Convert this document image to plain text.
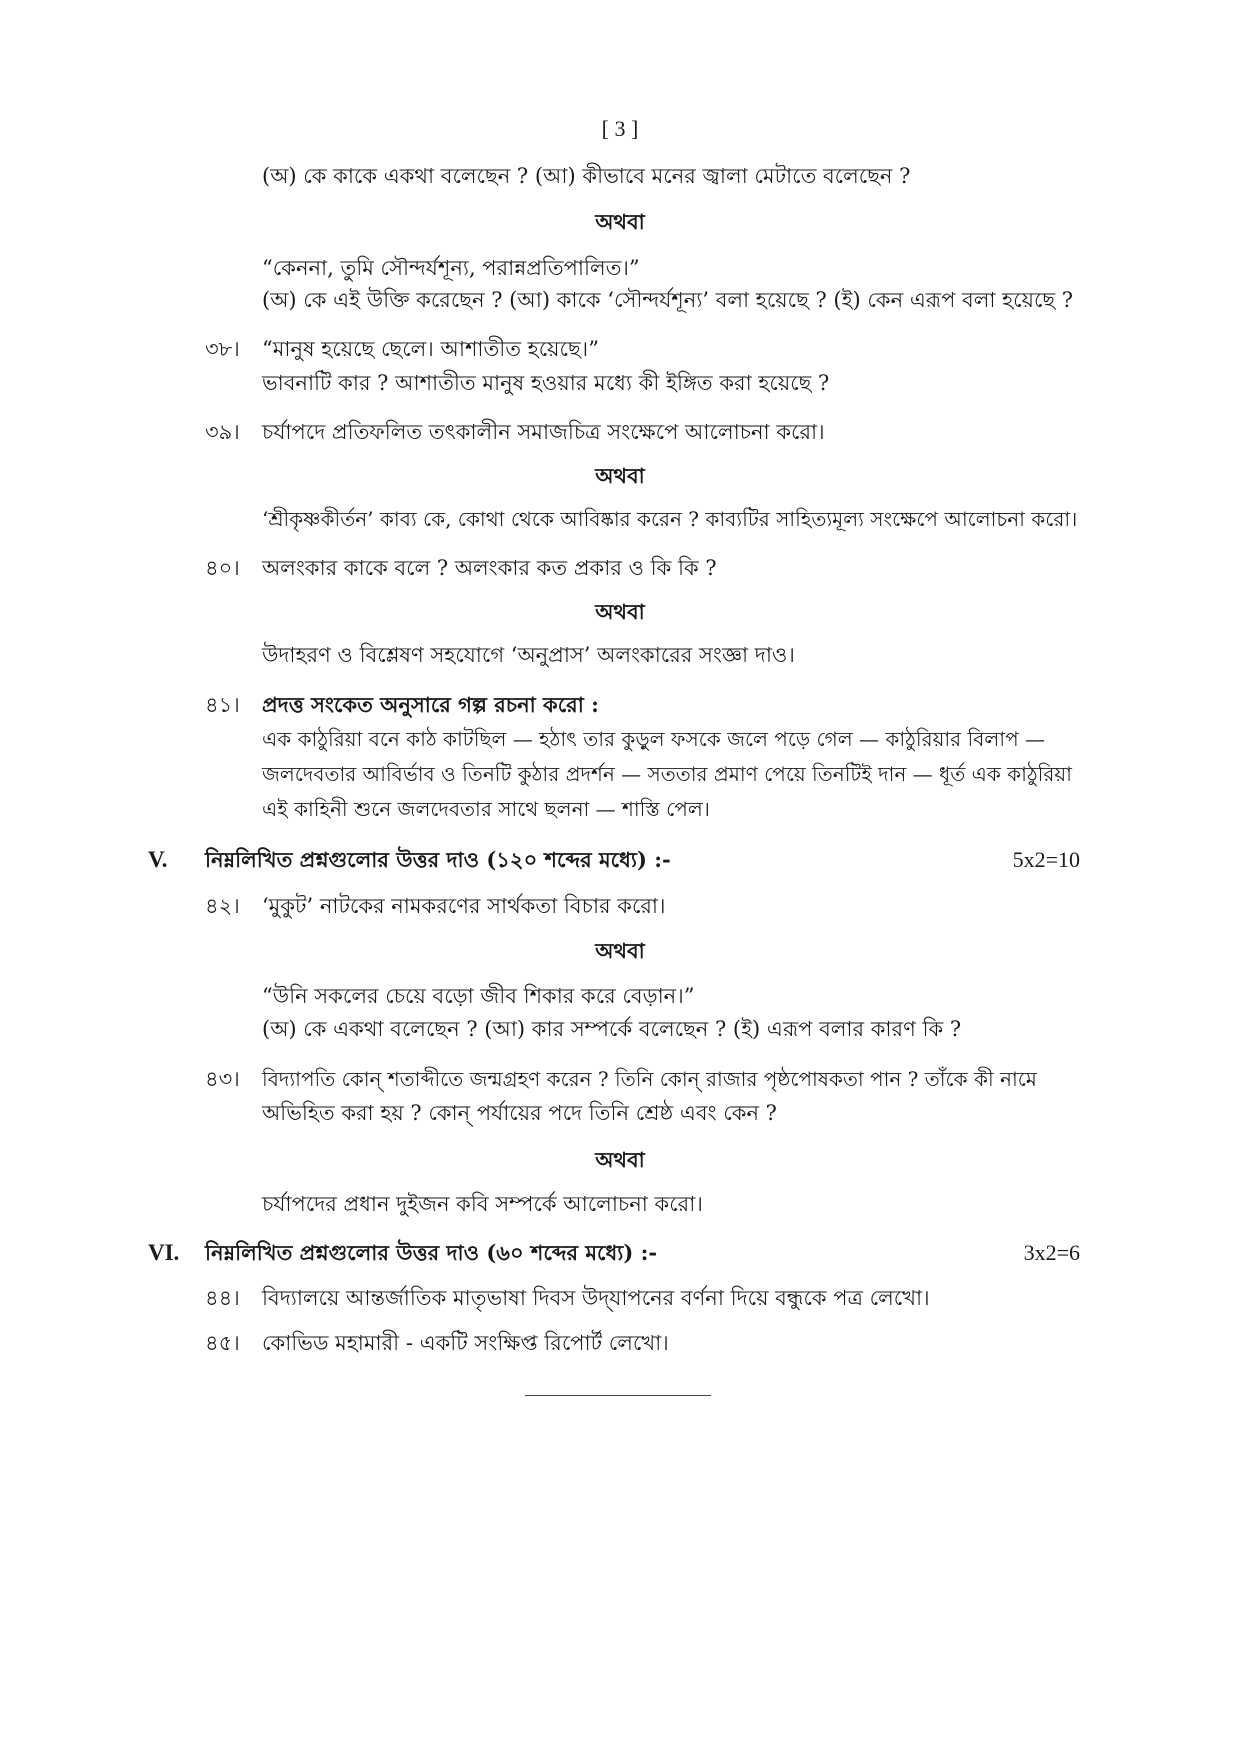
[ 3 ]
(অ) কে কাকে একথা বলেছেন ? (আ) কীভাবে মনের জ্বালা মেটাতে বলেছেন ?
অথবা
“কেননা, তুমি সৌন্দর্যশূন্য, পরান্নপ্রতিপালিত।”
(অ) কে এই উক্তি করেছেন ? (আ) কাকে ‘সৌন্দর্যশূন্য’ বলা হয়েছে ? (ই) কেন এরূপ বলা হয়েছে ?
৩৮। “মানুষ হয়েছে ছেলে। আশাতীত হয়েছে।”
ভাবনাটি কার ? আশাতীত মানুষ হওয়ার মধ্যে কী ইঙ্গিত করা হয়েছে ?
৩৯। চর্যাপদে প্রতিফলিত তৎকালীন সমাজচিত্র সংক্ষেপে আলোচনা করো।
অথবা
‘শ্রীকৃষ্ণকীর্তন’ কাব্য কে, কোথা থেকে আবিষ্কার করেন ? কাব্যটির সাহিত্যমূল্য সংক্ষেপে আলোচনা করো।
৪০। অলংকার কাকে বলে ? অলংকার কত প্রকার ও কি কি ?
অথবা
উদাহরণ ও বিশ্লেষণ সহযোগে ‘অনুপ্রাস’ অলংকারের সংজ্ঞা দাও।
৪১। প্রদত্ত সংকেত অনুসারে গল্প রচনা করো :
এক কাঠুরিয়া বনে কাঠ কাটছিল — হঠাৎ তার কুড়ুল ফসকে জলে পড়ে গেল — কাঠুরিয়ার বিলাপ —
জলদেবতার আবির্ভাব ও তিনটি কুঠার প্রদর্শন — সততার প্রমাণ পেয়ে তিনটিই দান — ধূর্ত এক কাঠুরিয়া
এই কাহিনী শুনে জলদেবতার সাথে ছলনা — শাস্তি পেল।
V. নিম্নলিখিত প্রশ্নগুলোর উত্তর দাও (১২০ শব্দের মধ্যে) :-	5x2=10
৪২। ‘মুকুট’ নাটকের নামকরণের সার্থকতা বিচার করো।
অথবা
“উনি সকলের চেয়ে বড়ো জীব শিকার করে বেড়ান।”
(অ) কে একথা বলেছেন ? (আ) কার সম্পর্কে বলেছেন ? (ই) এরূপ বলার কারণ কি ?
৪৩। বিদ্যাপতি কোন্ শতাব্দীতে জন্মগ্রহণ করেন ? তিনি কোন্ রাজার পৃষ্ঠপোষকতা পান ? তাঁকে কী নামে
অভিহিত করা হয় ? কোন্ পর্যায়ের পদে তিনি শ্রেষ্ঠ এবং কেন ?
অথবা
চর্যাপদের প্রধান দুইজন কবি সম্পর্কে আলোচনা করো।
VI. নিম্নলিখিত প্রশ্নগুলোর উত্তর দাও (৬০ শব্দের মধ্যে) :-	3x2=6
৪৪। বিদ্যালয়ে আন্তর্জাতিক মাতৃভাষা দিবস উদ্‌যাপনের বর্ণনা দিয়ে বন্ধুকে পত্র লেখো।
৪৫। কোভিড মহামারী - একটি সংক্ষিপ্ত রিপোর্ট লেখো।
